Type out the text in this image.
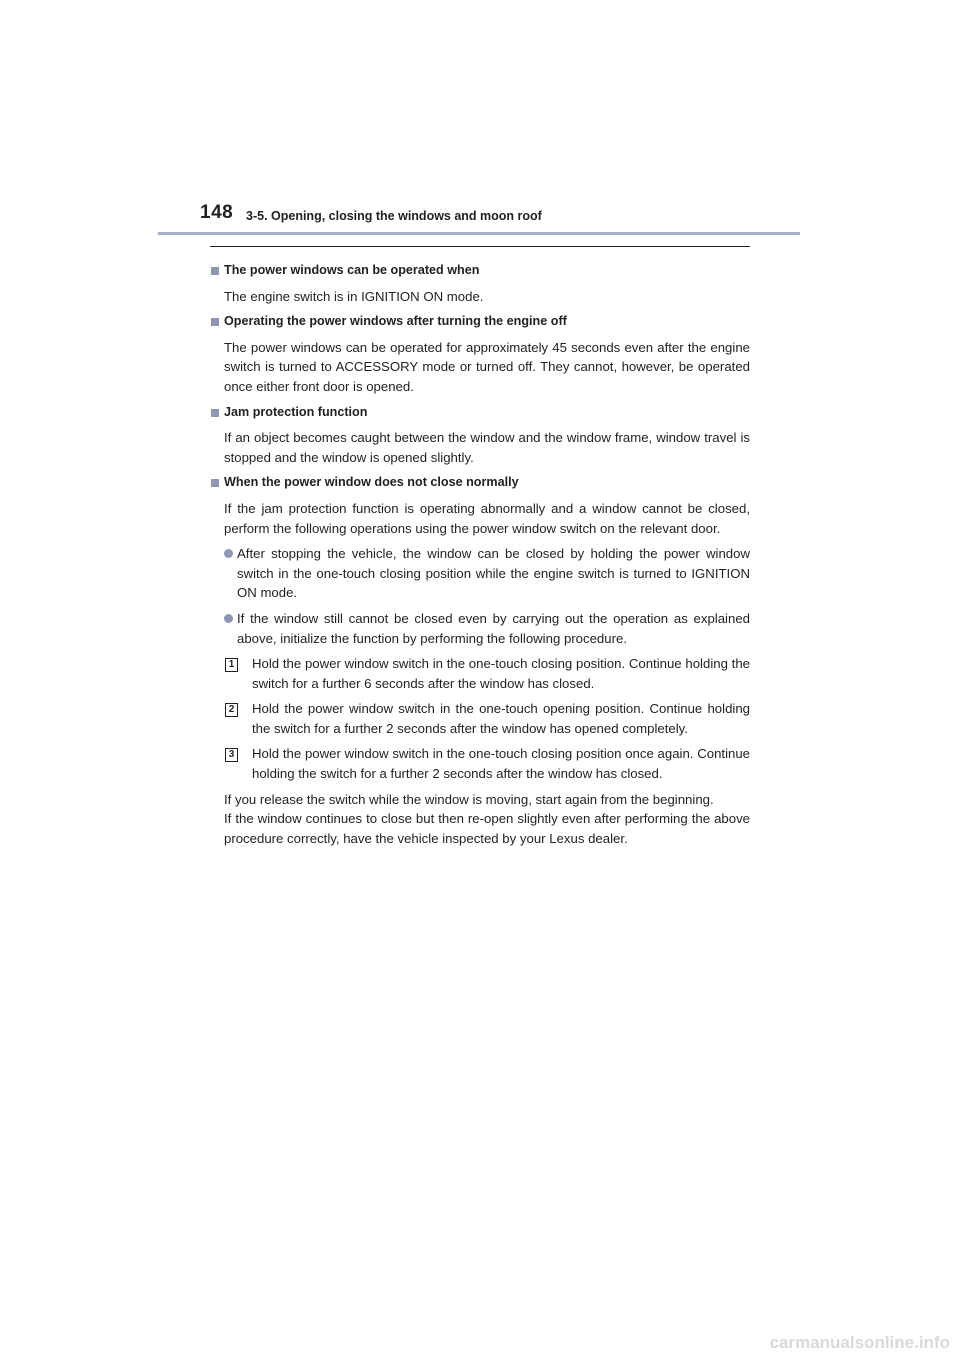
148 3-5. Opening, closing the windows and moon roof
The power windows can be operated when

The engine switch is in IGNITION ON mode.

Operating the power windows after turning the engine off

The power windows can be operated for approximately 45 seconds even after the engine switch is turned to ACCESSORY mode or turned off. They cannot, however, be operated once either front door is opened.

Jam protection function

If an object becomes caught between the window and the window frame, window travel is stopped and the window is opened slightly.

When the power window does not close normally

If the jam protection function is operating abnormally and a window cannot be closed, perform the following operations using the power window switch on the relevant door.

After stopping the vehicle, the window can be closed by holding the power window switch in the one-touch closing position while the engine switch is turned to IGNITION ON mode.
If the window still cannot be closed even by carrying out the operation as explained above, initialize the function by performing the following procedure.
1 Hold the power window switch in the one-touch closing position. Continue holding the switch for a further 6 seconds after the window has closed.
2 Hold the power window switch in the one-touch opening position. Continue holding the switch for a further 2 seconds after the window has opened completely.
3 Hold the power window switch in the one-touch closing position once again. Continue holding the switch for a further 2 seconds after the window has closed.

If you release the switch while the window is moving, start again from the beginning.
If the window continues to close but then re-open slightly even after performing the above procedure correctly, have the vehicle inspected by your Lexus dealer.

carmanualsonline.info
